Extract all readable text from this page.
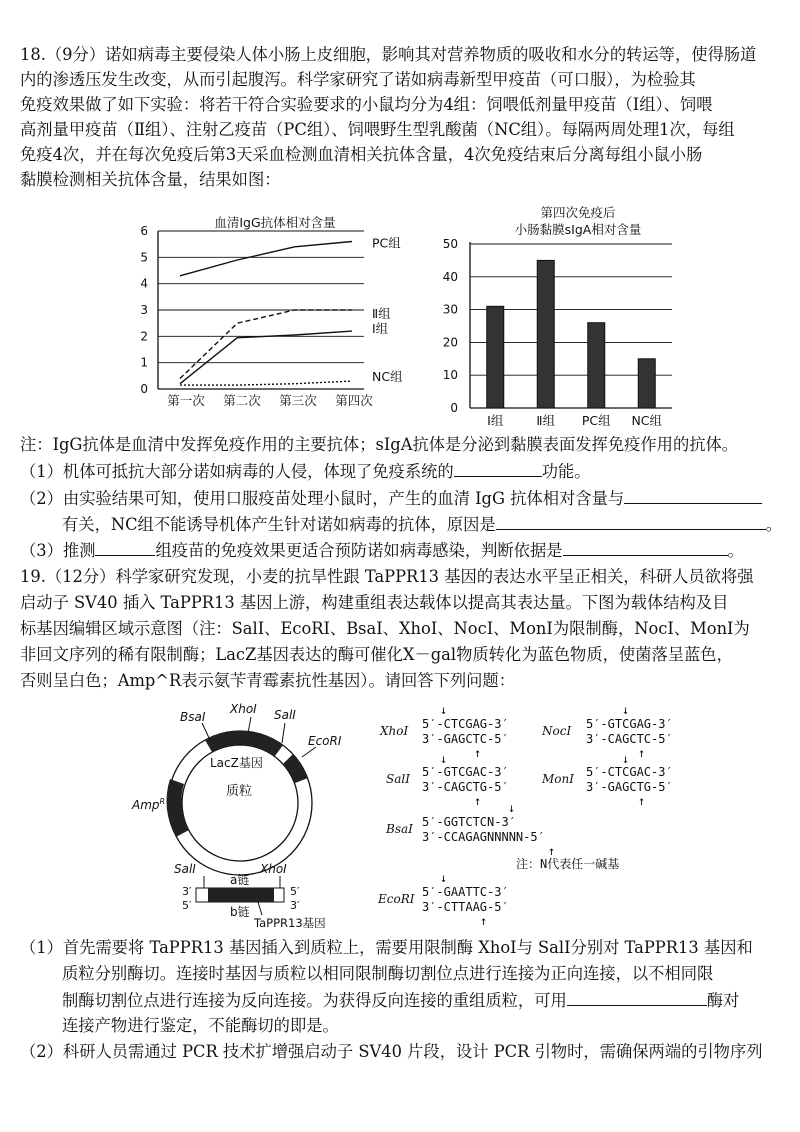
18.（9分）诺如病毒主要侵染人体小肠上皮细胞，影响其对营养物质的吸收和水分的转运等，使得肠道
内的渗透压发生改变，从而引起腹泻。科学家研究了诺如病毒新型甲疫苗（可口服），为检验其
免疫效果做了如下实验：将若干符合实验要求的小鼠均分为4组：饲喂低剂量甲疫苗（Ⅰ组）、饲喂
高剂量甲疫苗（Ⅱ组）、注射乙疫苗（PC组）、饲喂野生型乳酸菌（NC组）。每隔两周处理1次，每组
免疫4次，并在每次免疫后第3天采血检测血清相关抗体含量，4次免疫结束后分离每组小鼠小肠
黏膜检测相关抗体含量，结果如图：
血清IgG抗体相对含量
0
1
2
3
4
5
6
第一次 第二次 第三次 第四次
PC组
Ⅱ组
Ⅰ组
NC组
第四次免疫后
小肠黏膜sIgA相对含量
0
10
20
30
40
50
Ⅰ组	Ⅱ组 PC组 NC组
注：IgG抗体是血清中发挥免疫作用的主要抗体；sIgA抗体是分泌到黏膜表面发挥免疫作用的抗体。
（1）机体可抵抗大部分诺如病毒的人侵，体现了免疫系统的	功能。
（2）由实验结果可知，使用口服疫苗处理小鼠时，产生的血清 IgG 抗体相对含量与
有关，NC组不能诱导机体产生针对诺如病毒的抗体，原因是	。
（3）推测	组疫苗的免疫效果更适合预防诺如病毒感染，判断依据是	。
19.（12分）科学家研究发现，小麦的抗旱性跟 TaPPR13 基因的表达水平呈正相关，科研人员欲将强
启动子 SV40 插入 TaPPR13 基因上游，构建重组表达载体以提高其表达量。下图为载体结构及目
标基因编辑区域示意图（注：SalⅠ、EcoRⅠ、BsaⅠ、XhoⅠ、NocⅠ、MonⅠ为限制酶，NocⅠ、MonⅠ为
非回文序列的稀有限制酶；LacZ基因表达的酶可催化X－gal物质转化为蓝色物质，使菌落呈蓝色，
否则呈白色；Amp^R表示氨苄青霉素抗性基因）。请回答下列问题：
BsaⅠ
XhoⅠ SalⅠ
EcoRⅠ
LacZ基因
质粒
Amp$^R$
SalⅠ	XhoⅠ
a链
3′
5′
5′
3′
b链
TaPPR13基因
XhoⅠ 5′-CTCGAG-3′
3′-GAGCTC-5′
↓
↑
NocⅠ 5′-GTCGAG-3′
3′-CAGCTC-5′
↓
↑
SalⅠ 5′-GTCGAC-3′
3′-CAGCTG-5′
↓
↑
MonⅠ 5′-CTCGAC-3′
3′-GAGCTG-5′
↓
↑
BsaⅠ 5′-GGTCTCN-3′
3′-CCAGAGNNNNN-5′
↓
↑
注：N代表任一碱基
EcoRⅠ 5′-GAATTC-3′
3′-CTTAAG-5′
↓
↑
（1）首先需要将 TaPPR13 基因插入到质粒上，需要用限制酶 XhoⅠ与 SalⅠ分别对 TaPPR13 基因和
质粒分别酶切。连接时基因与质粒以相同限制酶切割位点进行连接为正向连接，以不相同限
制酶切割位点进行连接为反向连接。为获得反向连接的重组质粒，可用	酶对
连接产物进行鉴定，不能酶切的即是。
（2）科研人员需通过 PCR 技术扩增强启动子 SV40 片段，设计 PCR 引物时，需确保两端的引物序列
